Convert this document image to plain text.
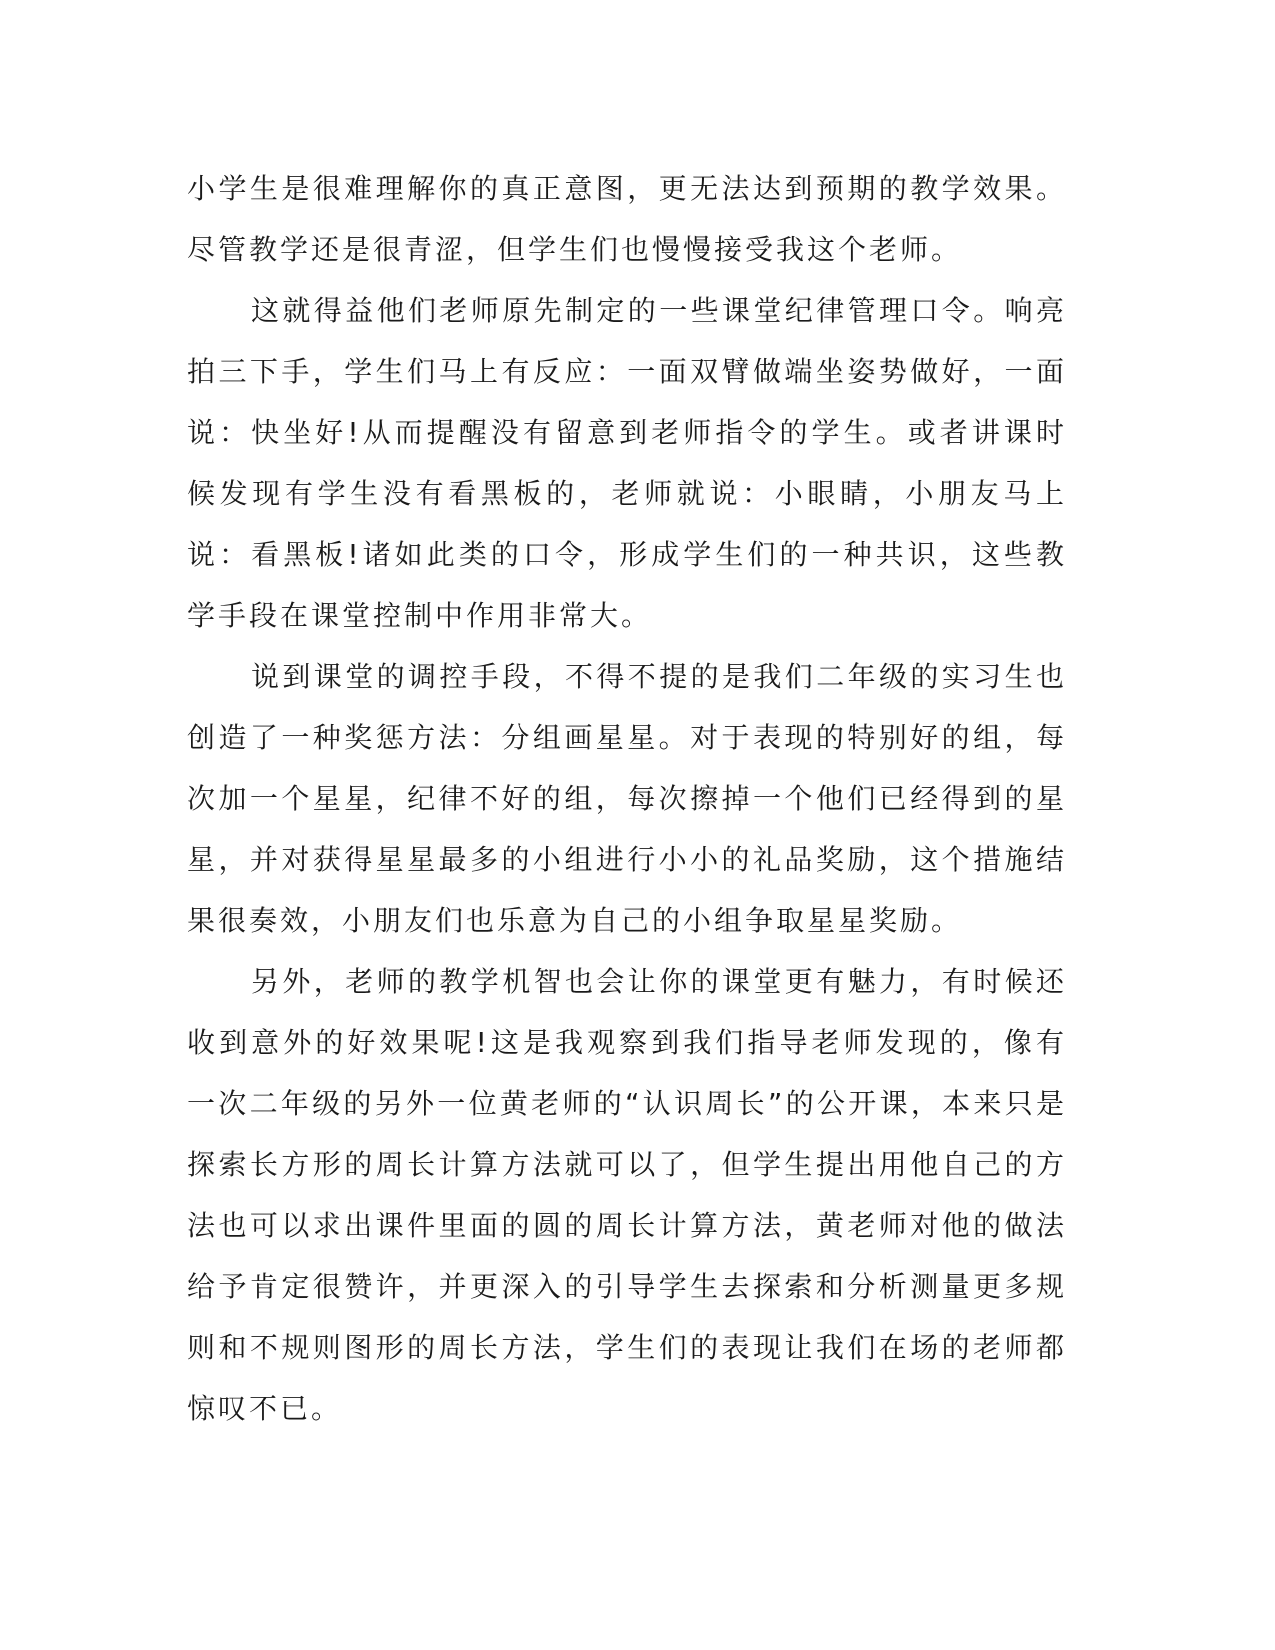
小学生是很难理解你的真正意图，更无法达到预期的教学效果。尽管教学还是很青涩，但学生们也慢慢接受我这个老师。

这就得益他们老师原先制定的一些课堂纪律管理口令。响亮拍三下手，学生们马上有反应：一面双臂做端坐姿势做好，一面说：快坐好!从而提醒没有留意到老师指令的学生。或者讲课时候发现有学生没有看黑板的，老师就说：小眼睛，小朋友马上说：看黑板!诸如此类的口令，形成学生们的一种共识，这些教学手段在课堂控制中作用非常大。

说到课堂的调控手段，不得不提的是我们二年级的实习生也创造了一种奖惩方法：分组画星星。对于表现的特别好的组，每次加一个星星，纪律不好的组，每次擦掉一个他们已经得到的星星，并对获得星星最多的小组进行小小的礼品奖励，这个措施结果很奏效，小朋友们也乐意为自己的小组争取星星奖励。

另外，老师的教学机智也会让你的课堂更有魅力，有时候还收到意外的好效果呢!这是我观察到我们指导老师发现的，像有一次二年级的另外一位黄老师的“认识周长”的公开课，本来只是探索长方形的周长计算方法就可以了，但学生提出用他自己的方法也可以求出课件里面的圆的周长计算方法，黄老师对他的做法给予肯定很赞许，并更深入的引导学生去探索和分析测量更多规则和不规则图形的周长方法，学生们的表现让我们在场的老师都惊叹不已。
